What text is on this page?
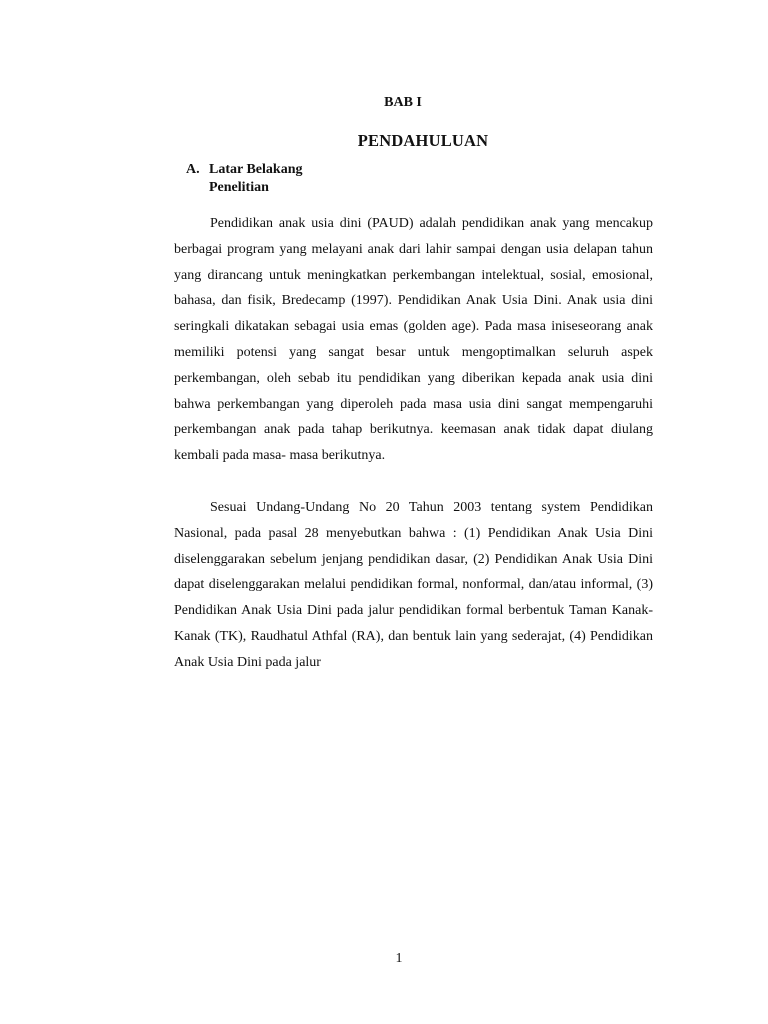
BAB I
PENDAHULUAN
A. Latar Belakang Penelitian

Pendidikan anak usia dini (PAUD) adalah pendidikan anak yang mencakup berbagai program yang melayani anak dari lahir sampai dengan usia delapan tahun yang dirancang untuk meningkatkan perkembangan intelektual, sosial, emosional, bahasa, dan fisik, Bredecamp (1997). Pendidikan Anak Usia Dini. Anak usia dini seringkali dikatakan sebagai usia emas (golden age). Pada masa iniseseorang anak memiliki potensi yang sangat besar untuk mengoptimalkan seluruh aspek perkembangan, oleh sebab itu pendidikan yang diberikan kepada anak usia dini bahwa perkembangan yang diperoleh pada masa usia dini sangat mempengaruhi perkembangan anak pada tahap berikutnya. keemasan anak tidak dapat diulang kembali pada masa- masa berikutnya.

Sesuai Undang-Undang No 20 Tahun 2003 tentang system Pendidikan Nasional, pada pasal 28 menyebutkan bahwa : (1) Pendidikan Anak Usia Dini diselenggarakan sebelum jenjang pendidikan dasar, (2) Pendidikan Anak Usia Dini dapat diselenggarakan melalui pendidikan formal, nonformal, dan/atau informal, (3) Pendidikan Anak Usia Dini pada jalur pendidikan formal berbentuk Taman Kanak-Kanak (TK), Raudhatul Athfal (RA), dan bentuk lain yang sederajat, (4) Pendidikan Anak Usia Dini pada jalur

1
